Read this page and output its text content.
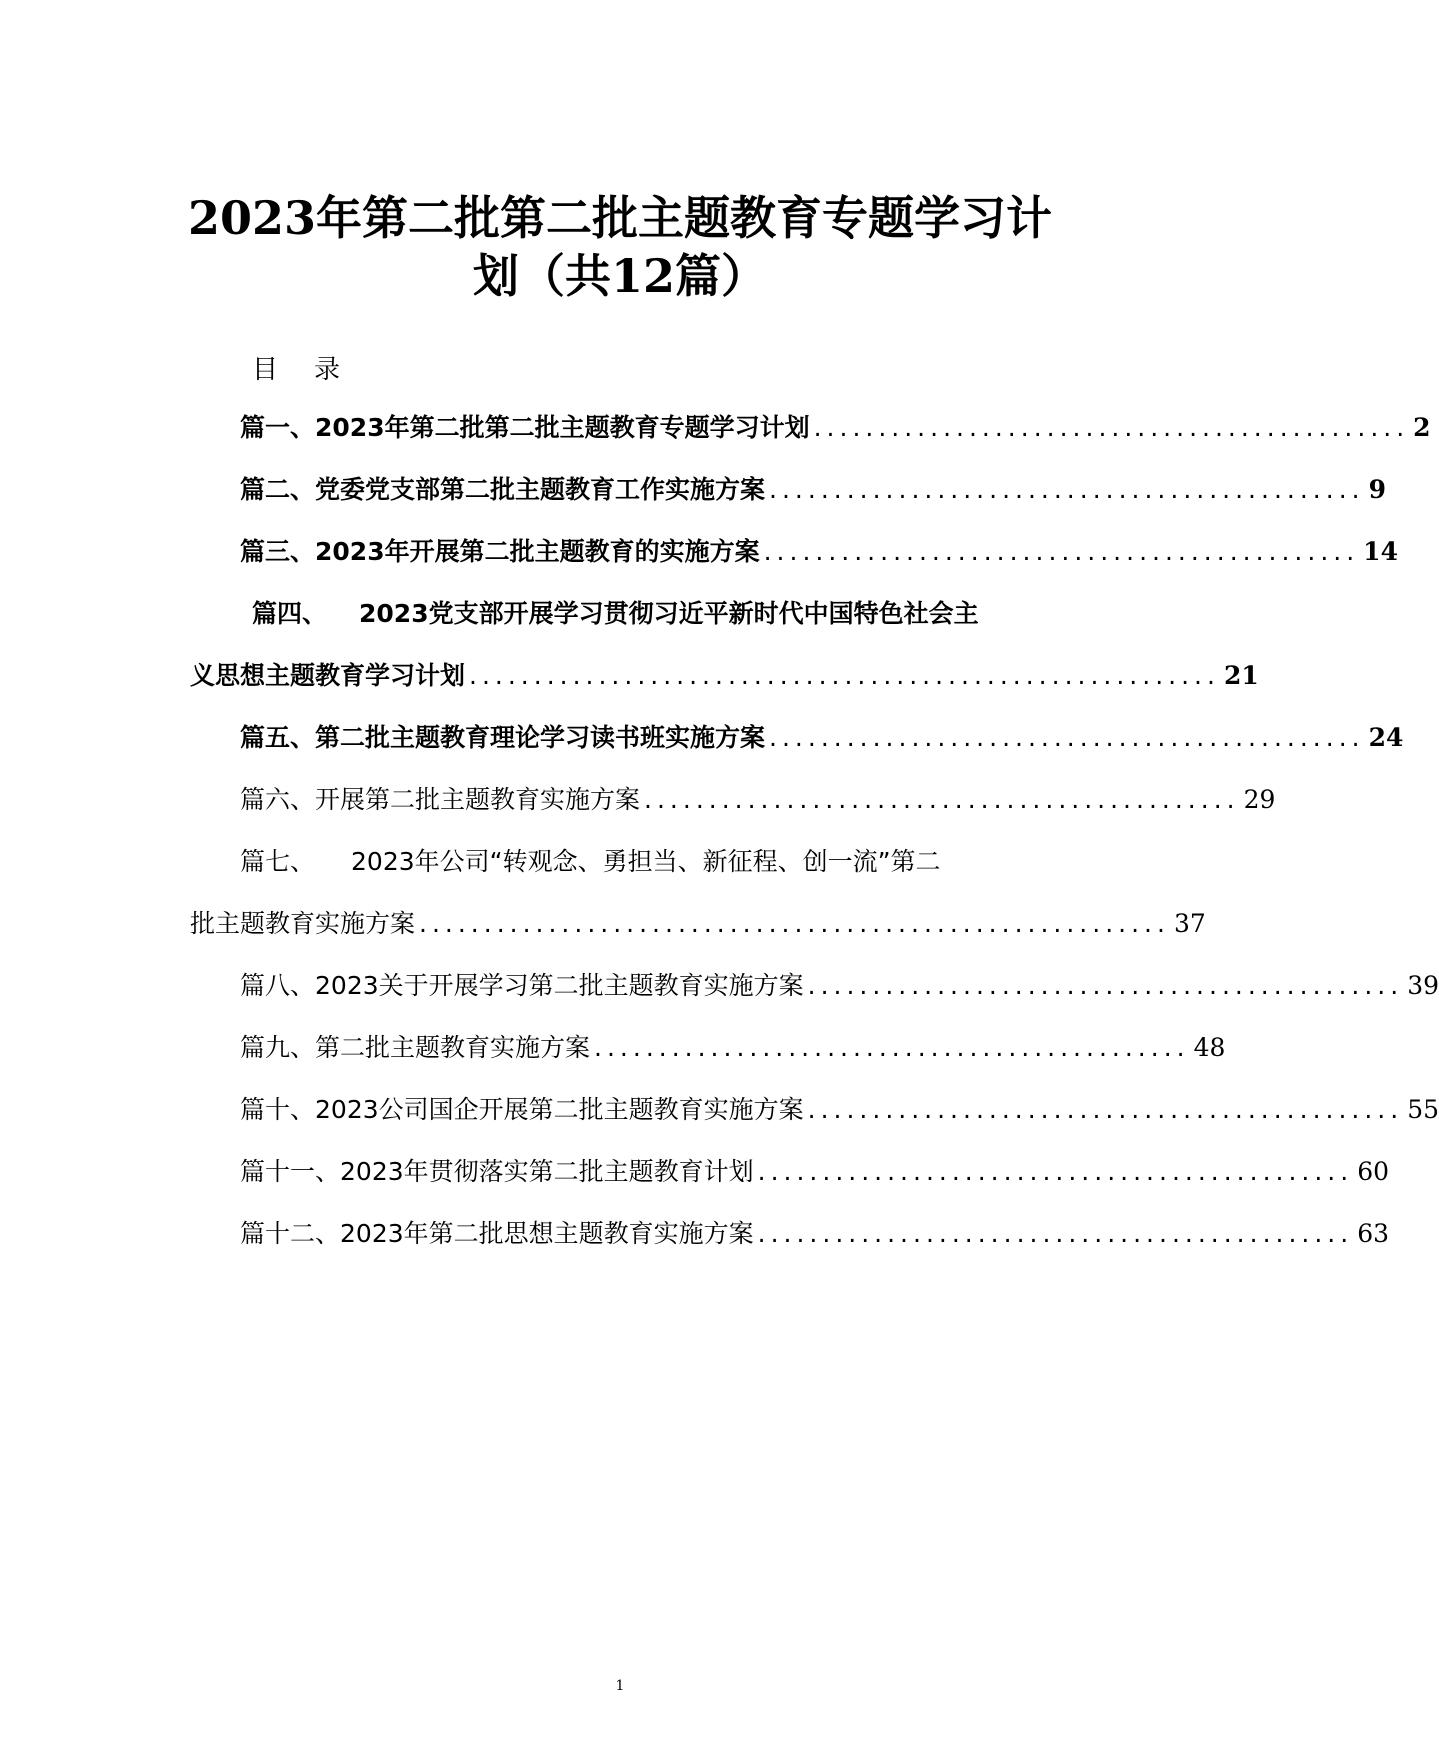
2023年第二批第二批主题教育专题学习计
划（共12篇）
目 录
篇一、 2023年第二批第二批主题教育专题学习计划 .............................................. 2
篇二、 党委党支部第二批主题教育工作实施方案 .............................................. 9
篇三、 2023年开展第二批主题教育的实施方案 .............................................. 14
篇四、 2023党支部开展学习贯彻习近平新时代中国特色社会主
义思想主题教育学习计划 .......................................................... 21
篇五、 第二批主题教育理论学习读书班实施方案 .............................................. 24
篇六、 开展第二批主题教育实施方案 .............................................. 29
篇七、 2023年公司“转观念、勇担当、新征程、创一流”第二
批主题教育实施方案 .......................................................... 37
篇八、 2023关于开展学习第二批主题教育实施方案 .............................................. 39
篇九、 第二批主题教育实施方案 .............................................. 48
篇十、 2023公司国企开展第二批主题教育实施方案 .............................................. 55
篇十一、 2023年贯彻落实第二批主题教育计划 .............................................. 60
篇十二、 2023年第二批思想主题教育实施方案 .............................................. 63
1
